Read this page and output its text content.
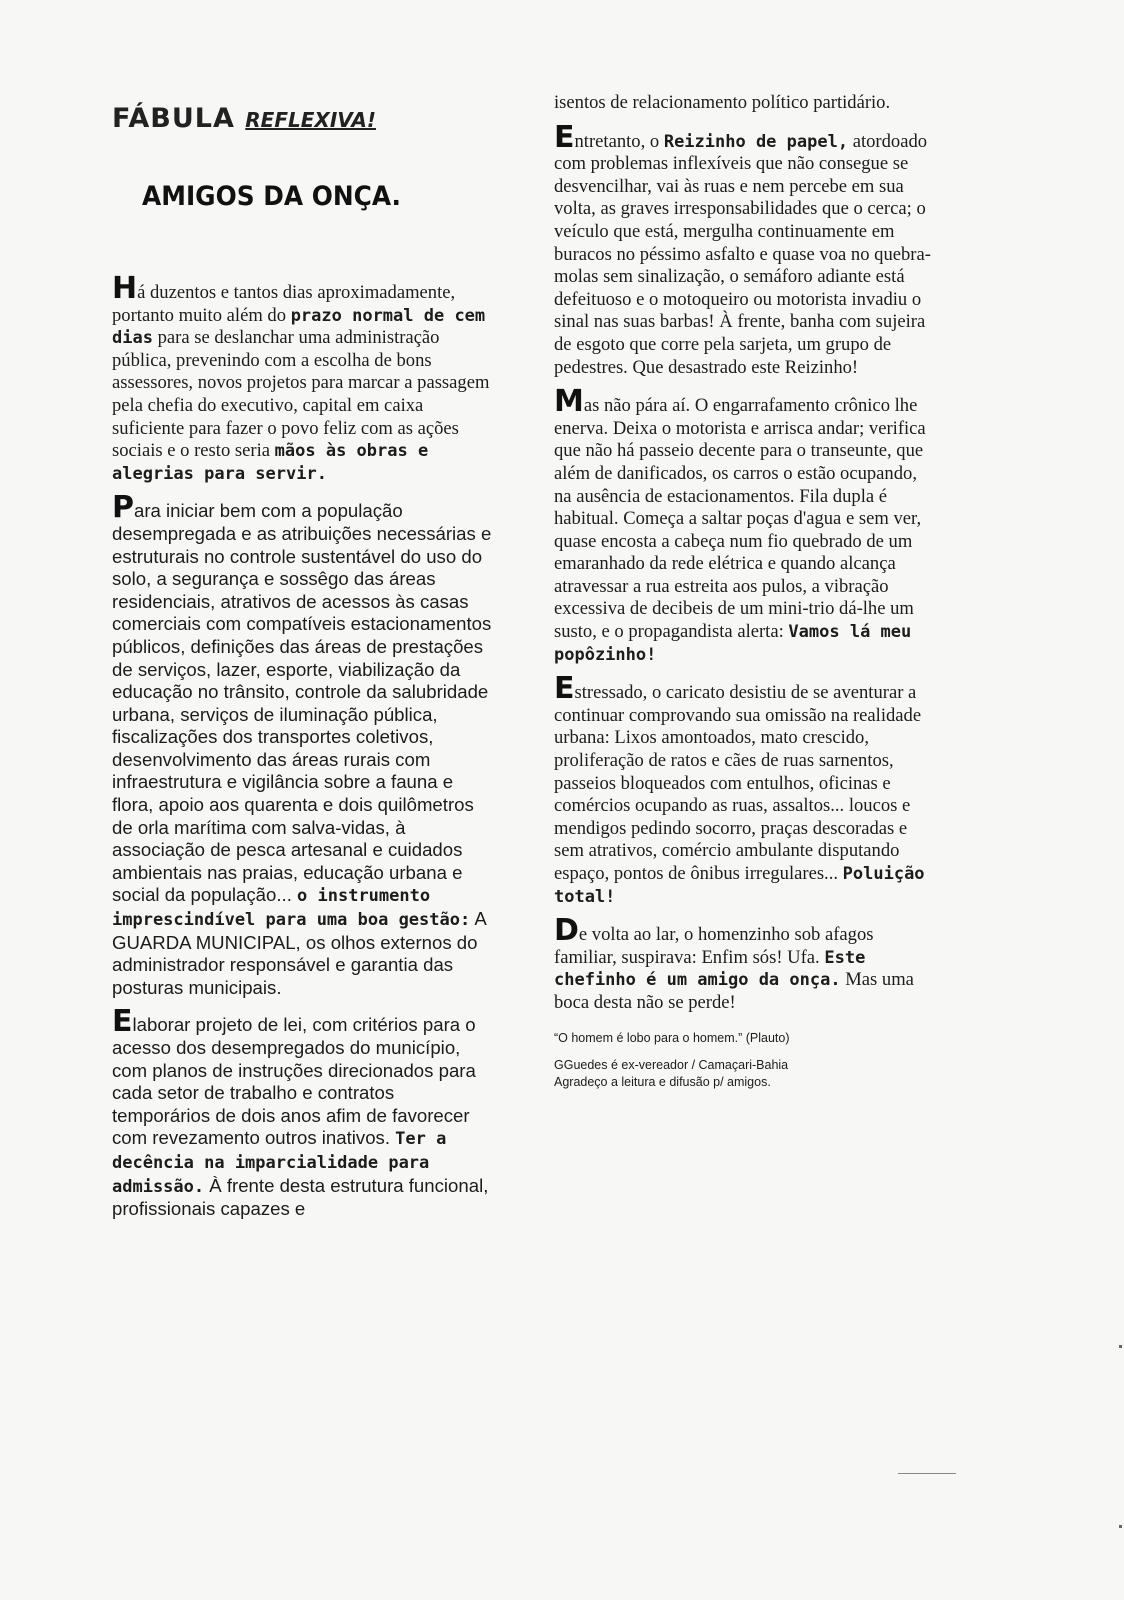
FÁBULA REFLEXIVA!
AMIGOS DA ONÇA.

Há duzentos e tantos dias aproximadamente, portanto muito além do prazo normal de cem dias para se deslanchar uma administração pública, prevenindo com a escolha de bons assessores, novos projetos para marcar a passagem pela chefia do executivo, capital em caixa suficiente para fazer o povo feliz com as ações sociais e o resto seria mãos às obras e alegrias para servir.

Para iniciar bem com a população desempregada e as atribuições necessárias e estruturais no controle sustentável do uso do solo, a segurança e sossêgo das áreas residenciais, atrativos de acessos às casas comerciais com compatíveis estacionamentos públicos, definições das áreas de prestações de serviços, lazer, esporte, viabilização da educação no trânsito, controle da salubridade urbana, serviços de iluminação pública, fiscalizações dos transportes coletivos, desenvolvimento das áreas rurais com infraestrutura e vigilância sobre a fauna e flora, apoio aos quarenta e dois quilômetros de orla marítima com salva-vidas, à associação de pesca artesanal e cuidados ambientais nas praias, educação urbana e social da população... o instrumento imprescindível para uma boa gestão: A GUARDA MUNICIPAL, os olhos externos do administrador responsável e garantia das posturas municipais.

Elaborar projeto de lei, com critérios para o acesso dos desempregados do município, com planos de instruções direcionados para cada setor de trabalho e contratos temporários de dois anos afim de favorecer com revezamento outros inativos. Ter a decência na imparcialidade para admissão. À frente desta estrutura funcional, profissionais capazes e

isentos de relacionamento político partidário.

Entretanto, o Reizinho de papel, atordoado com problemas inflexíveis que não consegue se desvencilhar, vai às ruas e nem percebe em sua volta, as graves irresponsabilidades que o cerca; o veículo que está, mergulha continuamente em buracos no péssimo asfalto e quase voa no quebra-molas sem sinalização, o semáforo adiante está defeituoso e o motoqueiro ou motorista invadiu o sinal nas suas barbas! À frente, banha com sujeira de esgoto que corre pela sarjeta, um grupo de pedestres. Que desastrado este Reizinho!

Mas não pára aí. O engarrafamento crônico lhe enerva. Deixa o motorista e arrisca andar; verifica que não há passeio decente para o transeunte, que além de danificados, os carros o estão ocupando, na ausência de estacionamentos. Fila dupla é habitual. Começa a saltar poças d'agua e sem ver, quase encosta a cabeça num fio quebrado de um emaranhado da rede elétrica e quando alcança atravessar a rua estreita aos pulos, a vibração excessiva de decibeis de um mini-trio dá-lhe um susto, e o propagandista alerta: Vamos lá meu popôzinho!

Estressado, o caricato desistiu de se aventurar a continuar comprovando sua omissão na realidade urbana: Lixos amontoados, mato crescido, proliferação de ratos e cães de ruas sarnentos, passeios bloqueados com entulhos, oficinas e comércios ocupando as ruas, assaltos... loucos e mendigos pedindo socorro, praças descoradas e sem atrativos, comércio ambulante disputando espaço, pontos de ônibus irregulares... Poluição total!

De volta ao lar, o homenzinho sob afagos familiar, suspirava: Enfim sós! Ufa. Este chefinho é um amigo da onça. Mas uma boca desta não se perde!

“O homem é lobo para o homem.” (Plauto)
GGuedes é ex-vereador / Camaçari-Bahia
Agradeço a leitura e difusão p/ amigos.
